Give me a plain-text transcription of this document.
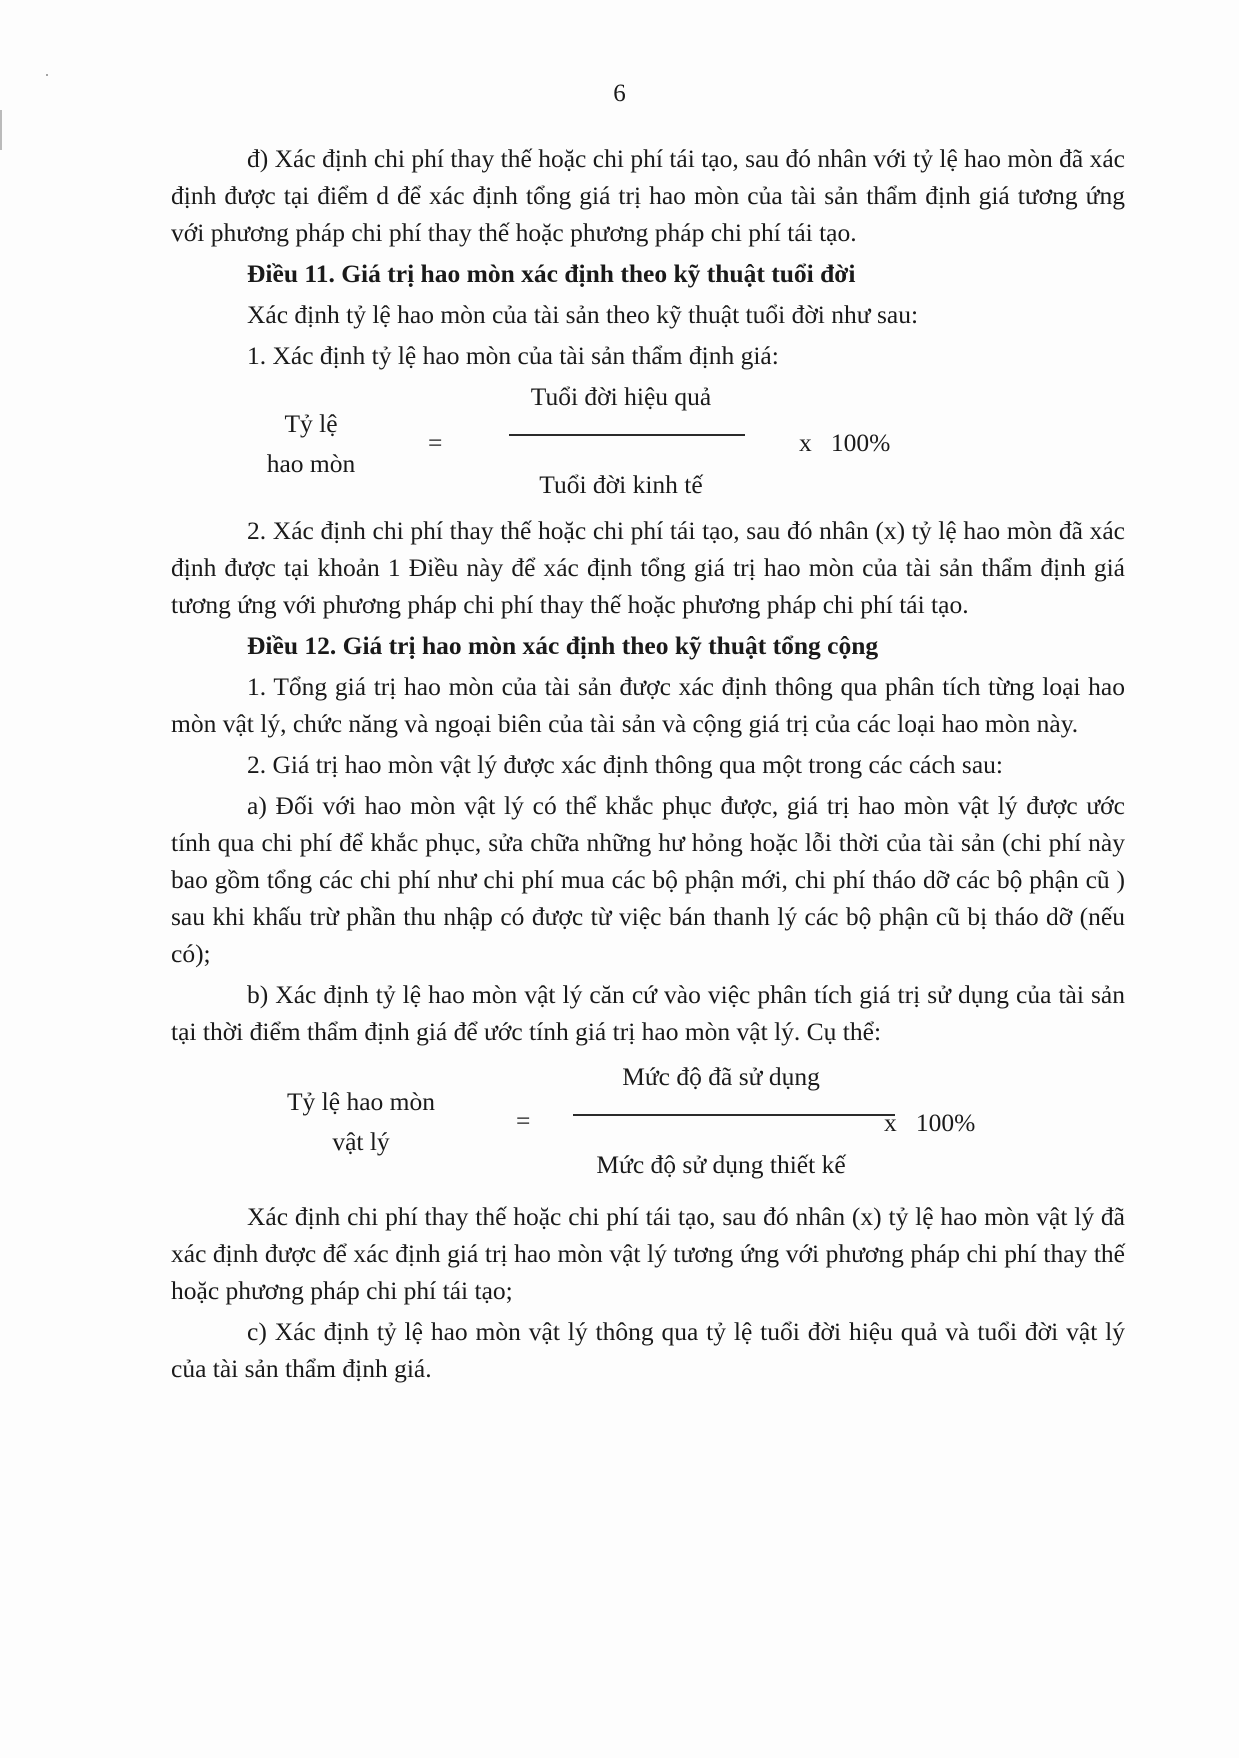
6

đ) Xác định chi phí thay thế hoặc chi phí tái tạo, sau đó nhân với tỷ lệ hao mòn đã xác định được tại điểm d để xác định tổng giá trị hao mòn của tài sản thẩm định giá tương ứng với phương pháp chi phí thay thế hoặc phương pháp chi phí tái tạo.

Điều 11. Giá trị hao mòn xác định theo kỹ thuật tuổi đời

Xác định tỷ lệ hao mòn của tài sản theo kỹ thuật tuổi đời như sau:

1. Xác định tỷ lệ hao mòn của tài sản thẩm định giá:

Tỷ lệ
hao mòn
=
Tuổi đời hiệu quả
Tuổi đời kinh tế
x   100%

2. Xác định chi phí thay thế hoặc chi phí tái tạo, sau đó nhân (x) tỷ lệ hao mòn đã xác định được tại khoản 1 Điều này để xác định tổng giá trị hao mòn của tài sản thẩm định giá tương ứng với phương pháp chi phí thay thế hoặc phương pháp chi phí tái tạo.

Điều 12. Giá trị hao mòn xác định theo kỹ thuật tổng cộng

1. Tổng giá trị hao mòn của tài sản được xác định thông qua phân tích từng loại hao mòn vật lý, chức năng và ngoại biên của tài sản và cộng giá trị của các loại hao mòn này.

2. Giá trị hao mòn vật lý được xác định thông qua một trong các cách sau:

a) Đối với hao mòn vật lý có thể khắc phục được, giá trị hao mòn vật lý được ước tính qua chi phí để khắc phục, sửa chữa những hư hỏng hoặc lỗi thời của tài sản (chi phí này bao gồm tổng các chi phí như chi phí mua các bộ phận mới, chi phí tháo dỡ các bộ phận cũ ) sau khi khấu trừ phần thu nhập có được từ việc bán thanh lý các bộ phận cũ bị tháo dỡ (nếu có);

b) Xác định tỷ lệ hao mòn vật lý căn cứ vào việc phân tích giá trị sử dụng của tài sản tại thời điểm thẩm định giá để ước tính giá trị hao mòn vật lý. Cụ thể:

Tỷ lệ hao mòn
vật lý
=
Mức độ đã sử dụng
Mức độ sử dụng thiết kế
x   100%

Xác định chi phí thay thế hoặc chi phí tái tạo, sau đó nhân (x) tỷ lệ hao mòn vật lý đã xác định được để xác định giá trị hao mòn vật lý tương ứng với phương pháp chi phí thay thế hoặc phương pháp chi phí tái tạo;

c) Xác định tỷ lệ hao mòn vật lý thông qua tỷ lệ tuổi đời hiệu quả và tuổi đời vật lý của tài sản thẩm định giá.
